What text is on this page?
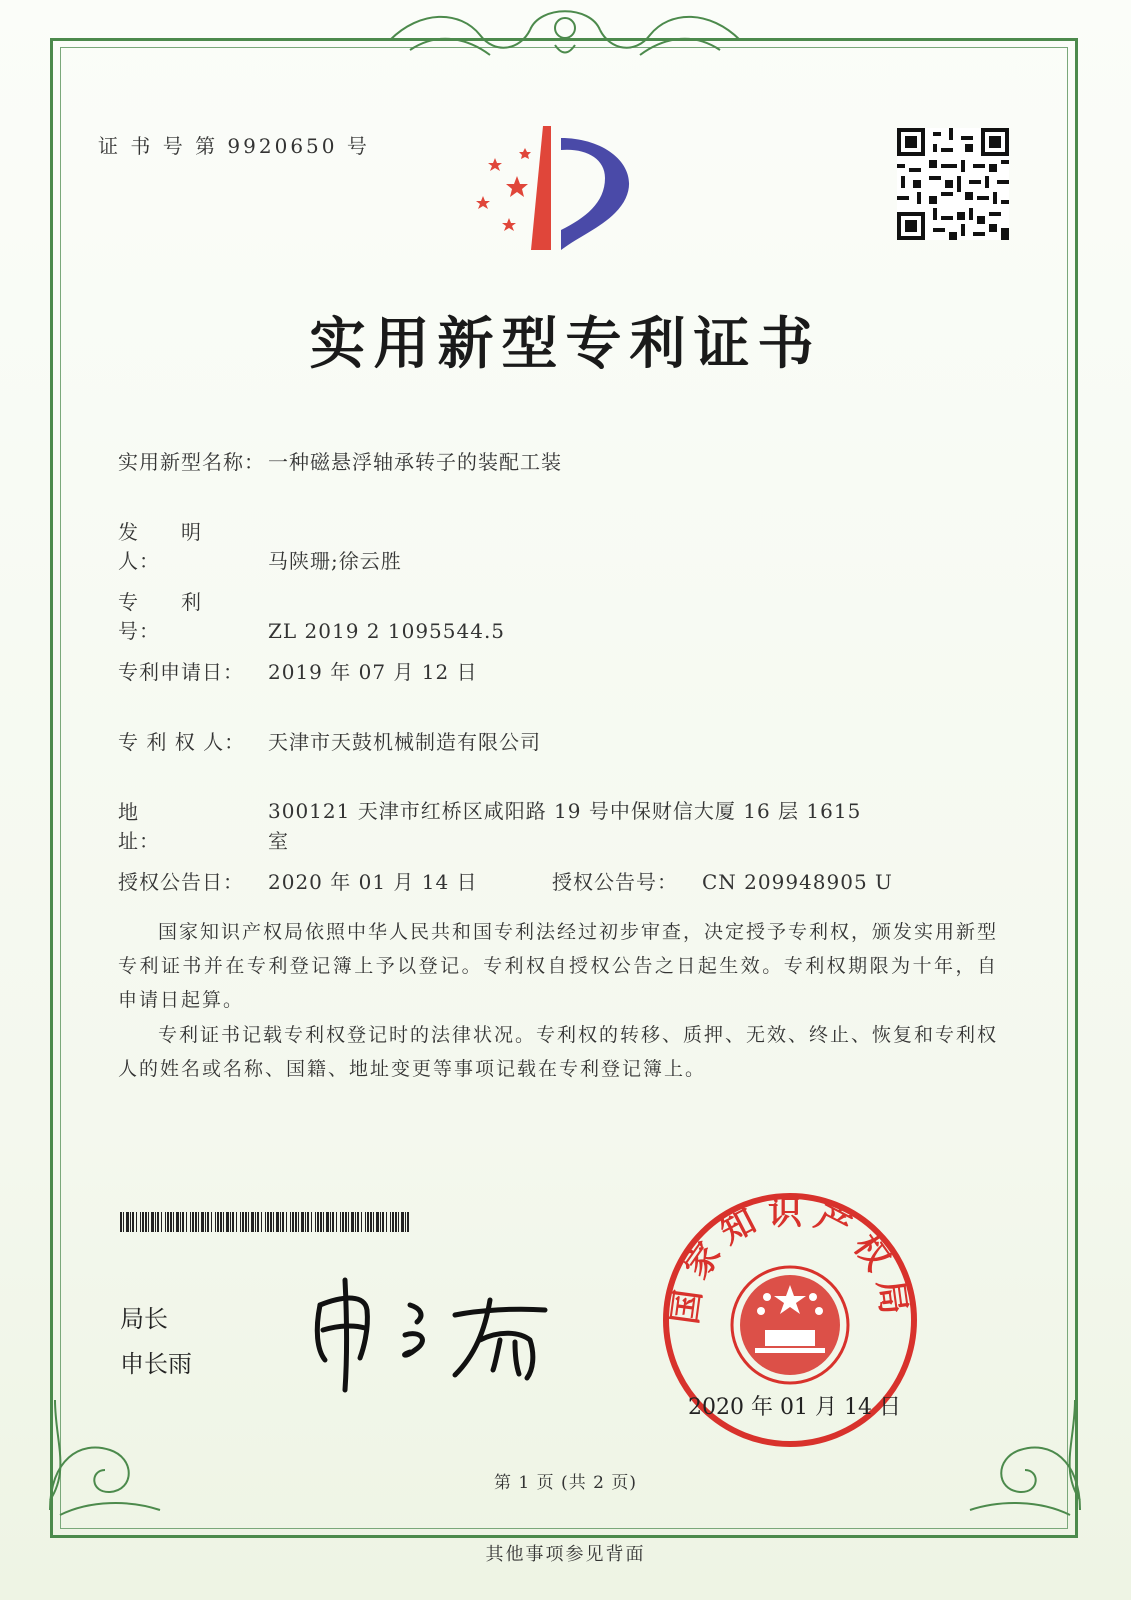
证 书 号 第 9920650 号
实用新型专利证书
实用新型名称： 一种磁悬浮轴承转子的装配工装
发　　明　　人：	马陕珊;徐云胜
专　　利　　号：	ZL 2019 2 1095544.5
专利申请日： 2019 年 07 月 12 日
专 利 权 人： 天津市天鼓机械制造有限公司
地　　　　　址：300121 天津市红桥区咸阳路 19 号中保财信大厦 16 层 1615 室
授权公告日： 2020 年 01 月 14 日	授权公告号： CN 209948905 U
国家知识产权局依照中华人民共和国专利法经过初步审查，决定授予专利权，颁发实用新型专利证书并在专利登记簿上予以登记。专利权自授权公告之日起生效。专利权期限为十年，自申请日起算。
专利证书记载专利权登记时的法律状况。专利权的转移、质押、无效、终止、恢复和专利权人的姓名或名称、国籍、地址变更等事项记载在专利登记簿上。
局长
申长雨
国家知识产权局
2020 年 01 月 14 日
第 1 页 (共 2 页)
其他事项参见背面
